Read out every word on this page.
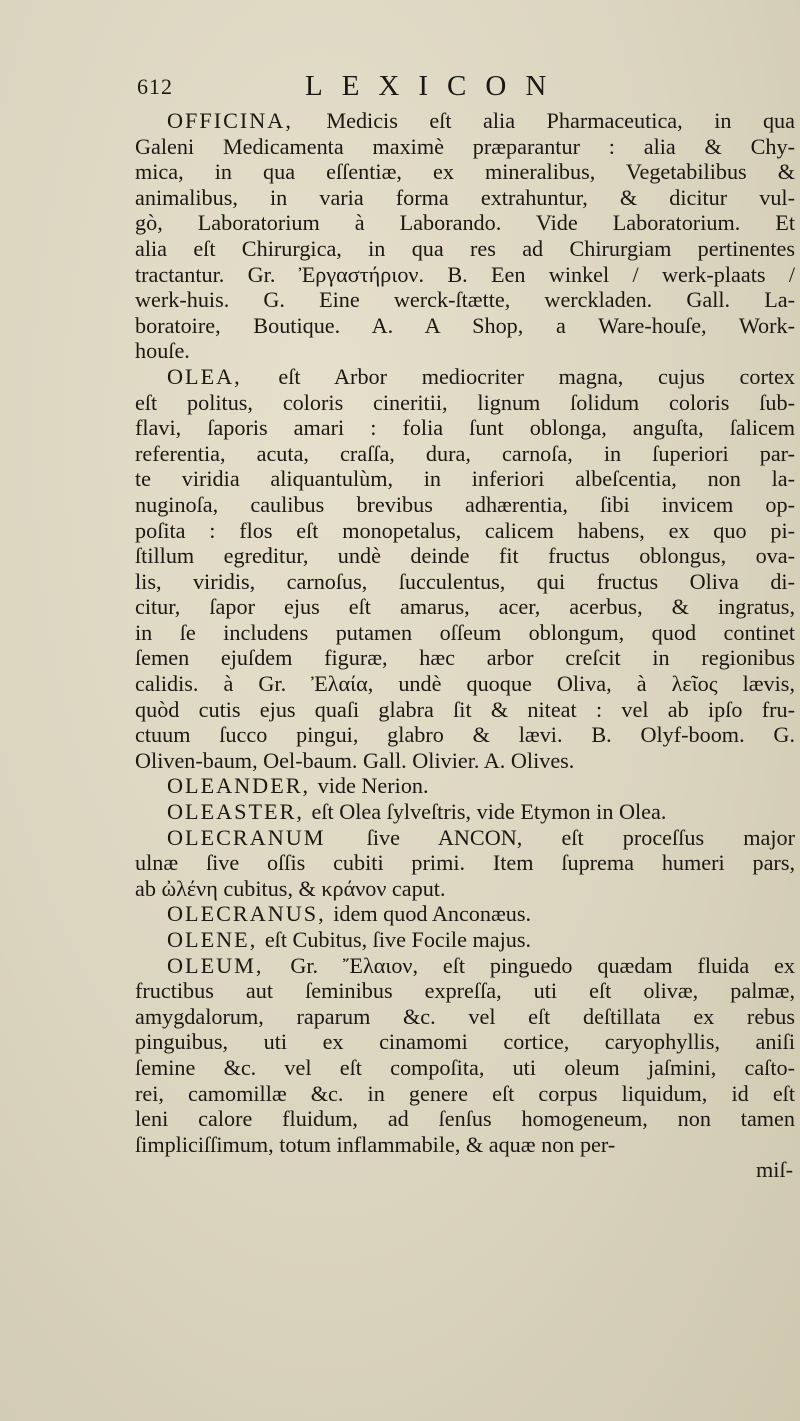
612	LEXICON
OFFICINA, Medicis eſt alia Pharmaceutica, in qua
Galeni Medicamenta maximè præparantur : alia & Chy-
mica, in qua eſſentiæ, ex mineralibus, Vegetabilibus &
animalibus, in varia forma extrahuntur, & dicitur vul-
gò, Laboratorium à Laborando. Vide Laboratorium. Et
alia eſt Chirurgica, in qua res ad Chirurgiam pertinentes
tractantur. Gr. Ἐργαστήριον. B. Een winkel / werk-plaats /
werk-huis. G. Eine werck-ſtætte, werckladen. Gall. La-
boratoire, Boutique. A. A Shop, a Ware-houſe, Work-
houſe.
OLEA, eſt Arbor mediocriter magna, cujus cortex
eſt politus, coloris cineritii, lignum ſolidum coloris ſub-
flavi, ſaporis amari : folia ſunt oblonga, anguſta, ſalicem
referentia, acuta, craſſa, dura, carnoſa, in ſuperiori par-
te viridia aliquantulùm, in inferiori albeſcentia, non la-
nuginoſa, caulibus brevibus adhærentia, ſibi invicem op-
poſita : flos eſt monopetalus, calicem habens, ex quo pi-
ſtillum egreditur, undè deinde fit fructus oblongus, ova-
lis, viridis, carnoſus, ſucculentus, qui fructus Oliva di-
citur, ſapor ejus eſt amarus, acer, acerbus, & ingratus,
in ſe includens putamen oſſeum oblongum, quod continet
ſemen ejuſdem figuræ, hæc arbor creſcit in regionibus
calidis. à Gr. Ἐλαία, undè quoque Oliva, à λεῖος lævis,
quòd cutis ejus quaſi glabra ſit & niteat : vel ab ipſo fru-
ctuum ſucco pingui, glabro & lævi. B. Olyf-boom. G.
Oliven-baum, Oel-baum. Gall. Olivier. A. Olives.
OLEANDER, vide Nerion.
OLEASTER, eſt Olea ſylveſtris, vide Etymon in Olea.
OLECRANUM ſive ANCON, eſt proceſſus major
ulnæ ſive oſſis cubiti primi. Item ſuprema humeri pars,
ab ὠλένη cubitus, & κράνον caput.
OLECRANUS, idem quod Anconæus.
OLENE, eſt Cubitus, ſive Focile majus.
OLEUM, Gr. Ἔλαιον, eſt pinguedo quædam fluida ex
fructibus aut ſeminibus expreſſa, uti eſt olivæ, palmæ,
amygdalorum, raparum &c. vel eſt deſtillata ex rebus
pinguibus, uti ex cinamomi cortice, caryophyllis, aniſi
ſemine &c. vel eſt compoſita, uti oleum jaſmini, caſto-
rei, camomillæ &c. in genere eſt corpus liquidum, id eſt
leni calore fluidum, ad ſenſus homogeneum, non tamen
ſimpliciſſimum, totum inflammabile, & aquæ non per-
miſ-
